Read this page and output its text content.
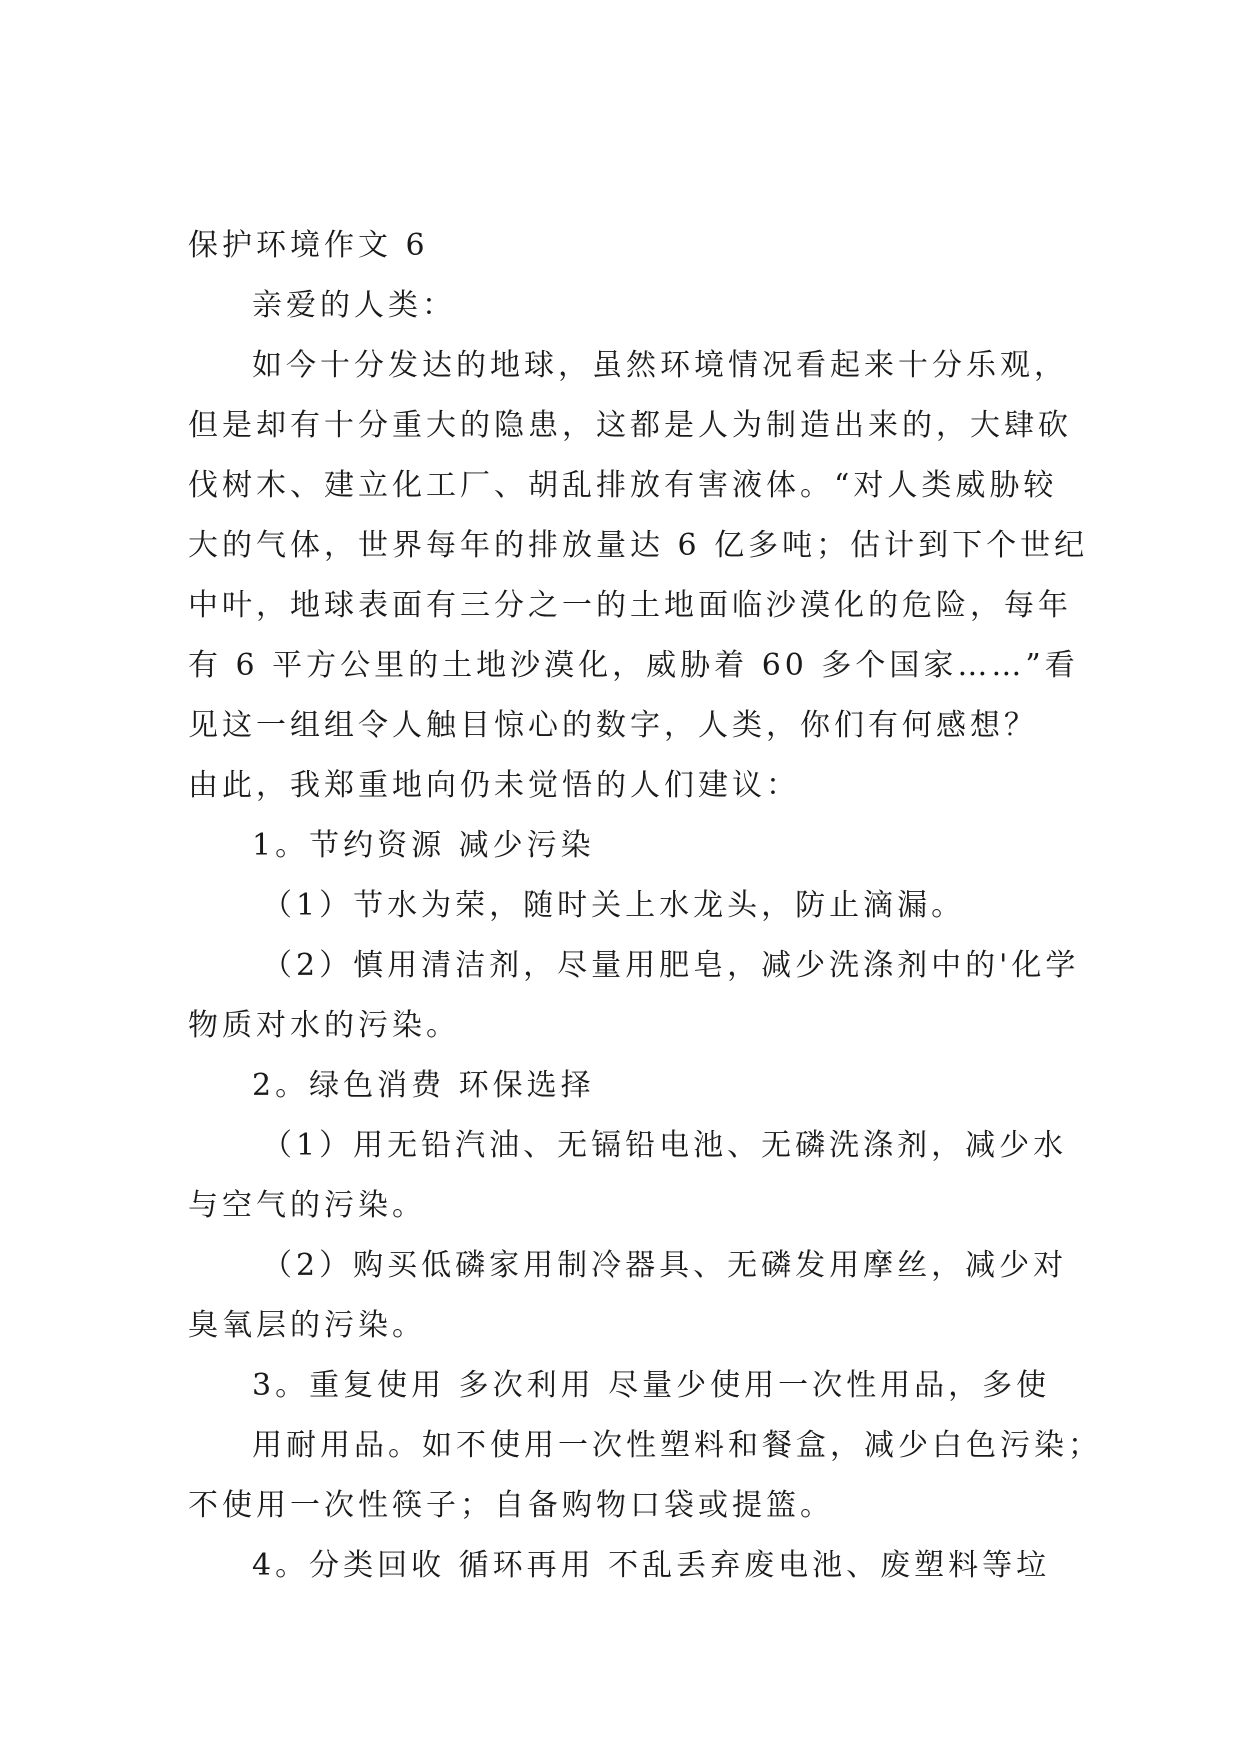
保护环境作文 6
亲爱的人类：
如今十分发达的地球，虽然环境情况看起来十分乐观，
但是却有十分重大的隐患，这都是人为制造出来的，大肆砍
伐树木、建立化工厂、胡乱排放有害液体。“对人类威胁较
大的气体，世界每年的排放量达 6 亿多吨；估计到下个世纪
中叶，地球表面有三分之一的土地面临沙漠化的危险，每年
有 6 平方公里的土地沙漠化，威胁着 60 多个国家……”看
见这一组组令人触目惊心的数字，人类，你们有何感想？
由此，我郑重地向仍未觉悟的人们建议：
1。节约资源 减少污染
（1）节水为荣，随时关上水龙头，防止滴漏。
（2）慎用清洁剂，尽量用肥皂，减少洗涤剂中的'化学
物质对水的污染。
2。绿色消费 环保选择
（1）用无铅汽油、无镉铅电池、无磷洗涤剂，减少水
与空气的污染。
（2）购买低磷家用制冷器具、无磷发用摩丝，减少对
臭氧层的污染。
3。重复使用 多次利用 尽量少使用一次性用品，多使
用耐用品。如不使用一次性塑料和餐盒，减少白色污染；
不使用一次性筷子；自备购物口袋或提篮。
4。分类回收 循环再用 不乱丢弃废电池、废塑料等垃
